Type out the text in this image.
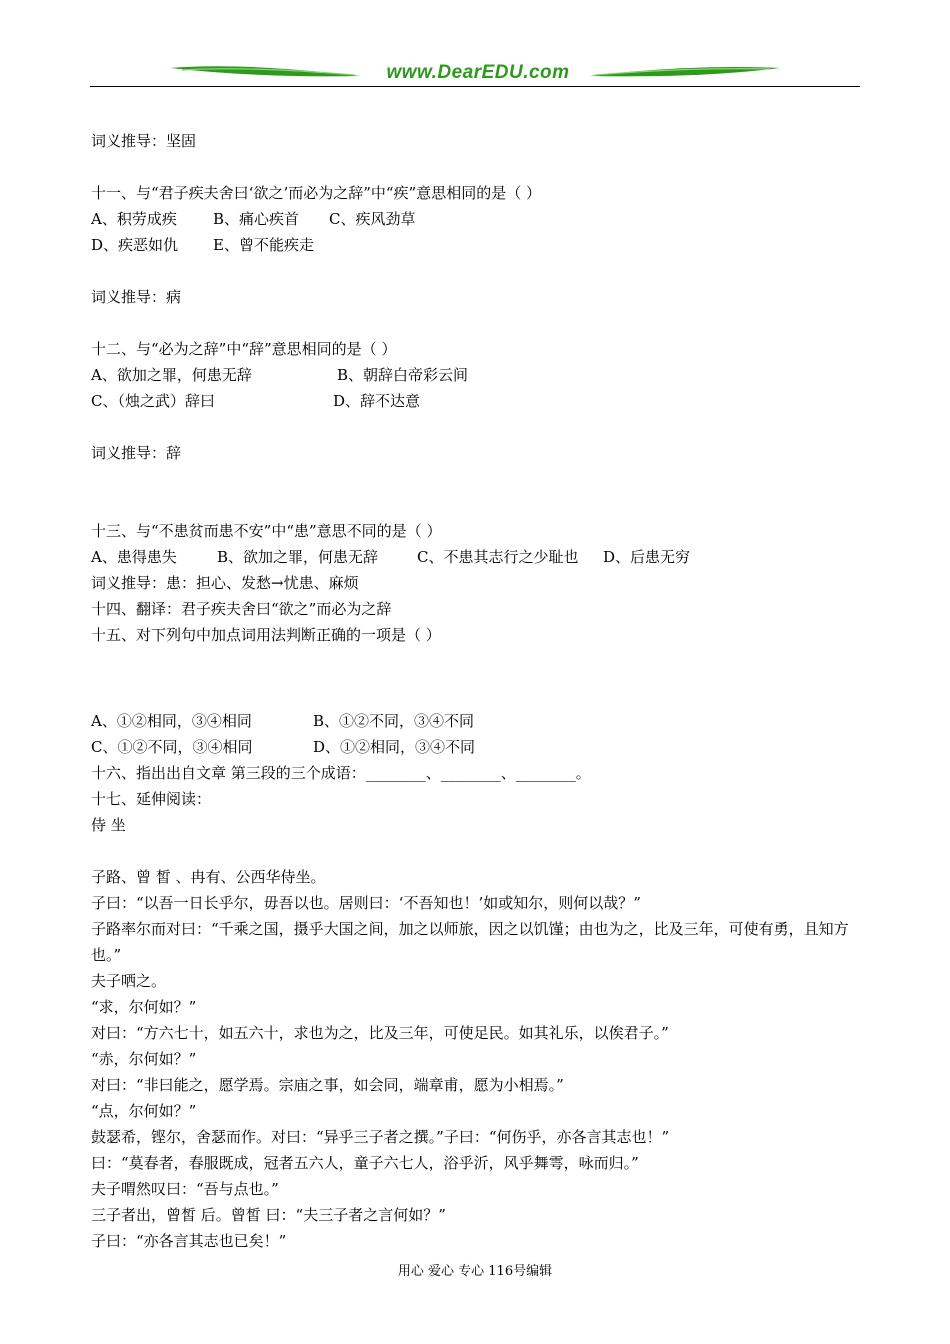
www.DearEDU.com
词义推导：坚固
十一、与“君子疾夫舍曰‘欲之’而必为之辞”中“疾”意思相同的是（ ）
A、积劳成疾 B、痛心疾首 C、疾风劲草
D、疾恶如仇 E、曾不能疾走
词义推导：病
十二、与“必为之辞”中“辞”意思相同的是（ ）
A、欲加之罪，何患无辞	B、朝辞白帝彩云间
C、（烛之武）辞曰	D、辞不达意
词义推导：辞
十三、与“不患贫而患不安”中“患”意思不同的是（ ）
A、患得患失	B、欲加之罪，何患无辞	C、不患其志行之少耻也 D、后患无穷
词义推导：患：担心、发愁→忧患、麻烦
十四、翻译：君子疾夫舍曰“欲之”而必为之辞
十五、对下列句中加点词用法判断正确的一项是（ ）
A、①②相同，③④相同	B、①②不同，③④不同
C、①②不同，③④相同	D、①②相同，③④不同
十六、指出出自文章 第三段的三个成语：________、________、________。
十七、延伸阅读：
侍 坐
子路、曾 皙 、冉有、公西华侍坐。
子曰：“以吾一日长乎尔，毋吾以也。居则曰：‘不吾知也！’如或知尔，则何以哉？”
子路率尔而对曰：“千乘之国，摄乎大国之间，加之以师旅，因之以饥馑；由也为之，比及三年，可使有勇，且知方也。”
夫子哂之。
“求，尔何如？”
对曰：“方六七十，如五六十，求也为之，比及三年，可使足民。如其礼乐，以俟君子。”
“赤，尔何如？”
对曰：“非曰能之，愿学焉。宗庙之事，如会同，端章甫，愿为小相焉。”
“点，尔何如？”
鼓瑟希，铿尔，舍瑟而作。对曰：“异乎三子者之撰。”子曰：“何伤乎，亦各言其志也！”
曰：“莫春者，春服既成，冠者五六人，童子六七人，浴乎沂，风乎舞雩，咏而归。”
夫子喟然叹曰：“吾与点也。”
三子者出，曾皙 后。曾皙 曰：“夫三子者之言何如？”
子曰：“亦各言其志也已矣！”
用心 爱心 专心 116号编辑
